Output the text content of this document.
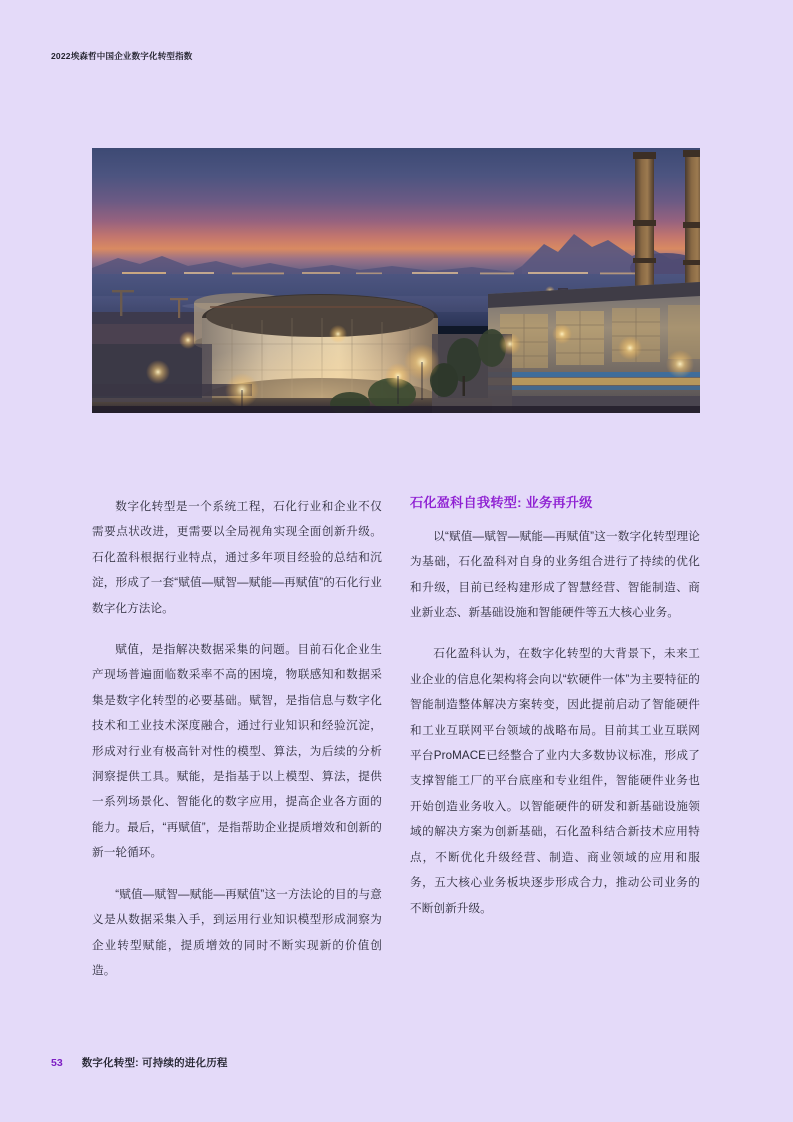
2022埃森哲中国企业数字化转型指数

数字化转型是一个系统工程，石化行业和企业不仅需要点状改进，更需要以全局视角实现全面创新升级。石化盈科根据行业特点，通过多年项目经验的总结和沉淀，形成了一套“赋值—赋智—赋能—再赋值”的石化行业数字化方法论。

赋值，是指解决数据采集的问题。目前石化企业生产现场普遍面临数采率不高的困境，物联感知和数据采集是数字化转型的必要基础。赋智，是指信息与数字化技术和工业技术深度融合，通过行业知识和经验沉淀，形成对行业有极高针对性的模型、算法，为后续的分析洞察提供工具。赋能，是指基于以上模型、算法，提供一系列场景化、智能化的数字应用，提高企业各方面的能力。最后，“再赋值”，是指帮助企业提质增效和创新的新一轮循环。

“赋值—赋智—赋能—再赋值”这一方法论的目的与意义是从数据采集入手，到运用行业知识模型形成洞察为企业转型赋能，提质增效的同时不断实现新的价值创造。

石化盈科自我转型: 业务再升级

以“赋值—赋智—赋能—再赋值”这一数字化转型理论为基础，石化盈科对自身的业务组合进行了持续的优化和升级，目前已经构建形成了智慧经营、智能制造、商业新业态、新基础设施和智能硬件等五大核心业务。

石化盈科认为，在数字化转型的大背景下，未来工业企业的信息化架构将会向以“软硬件一体”为主要特征的智能制造整体解决方案转变，因此提前启动了智能硬件和工业互联网平台领域的战略布局。目前其工业互联网平台ProMACE已经整合了业内大多数协议标准，形成了支撑智能工厂的平台底座和专业组件，智能硬件业务也开始创造业务收入。以智能硬件的研发和新基础设施领域的解决方案为创新基础，石化盈科结合新技术应用特点，不断优化升级经营、制造、商业领域的应用和服务，五大核心业务板块逐步形成合力，推动公司业务的不断创新升级。

53 数字化转型: 可持续的进化历程
